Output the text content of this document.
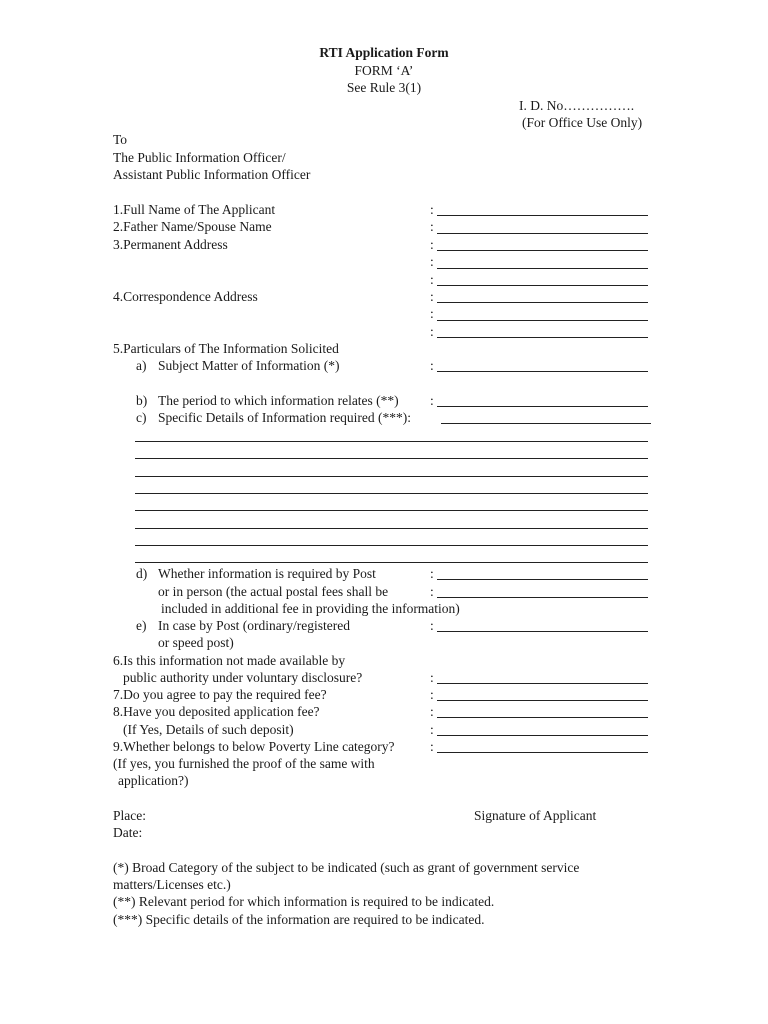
RTI Application Form
FORM ‘A’
See Rule 3(1)
I. D. No…………….
(For Office Use Only)
To
The Public Information Officer/
Assistant Public Information Officer
1.Full Name of The Applicant	:
2.Father Name/Spouse Name	:
3.Permanent Address	:
:
:
4.Correspondence Address	:
:
:
5.Particulars of The Information Solicited
a) Subject Matter of Information (*)	:
b) The period to which information relates (**) :
c) Specific Details of Information required (***):
d) Whether information is required by Post	:
or in person (the actual postal fees shall be	:
included in additional fee in providing the information)
e) In case by Post (ordinary/registered	:
or speed post)
6.Is this information not made available by
public authority under voluntary disclosure?	:
7.Do you agree to pay the required fee?	:
8.Have you deposited application fee?	:
(If Yes, Details of such deposit)	:
9.Whether belongs to below Poverty Line category?	:
(If yes, you furnished the proof of the same with
application?)
Place:	Signature of Applicant
Date:
(*) Broad Category of the subject to be indicated (such as grant of government service
matters/Licenses etc.)
(**) Relevant period for which information is required to be indicated.
(***) Specific details of the information are required to be indicated.
